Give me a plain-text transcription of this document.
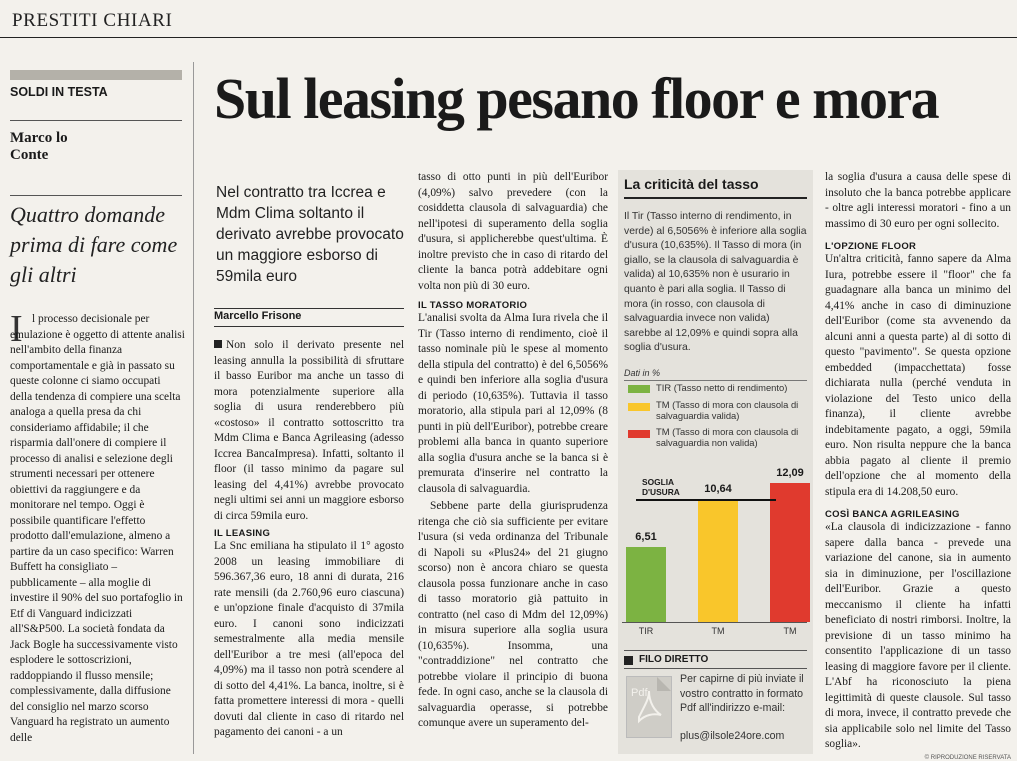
PRESTITI CHIARI
SOLDI IN TESTA
Marco lo Conte
Quattro domande prima di fare come gli altri
I l processo decisionale per emulazione è oggetto di attente analisi nell'ambito della finanza comportamentale e già in passato su queste colonne ci siamo occupati della tendenza di compiere una scelta analoga a quella presa da chi consideriamo affidabile; il che risparmia dall'onere di compiere il processo di analisi e selezione degli strumenti necessari per ottenere obiettivi da raggiungere e da monitorare nel tempo. Oggi è possibile quantificare l'effetto prodotto dall'emulazione, almeno a partire da un caso specifico: Warren Buffett ha consigliato – pubblicamente – alla moglie di investire il 90% del suo portafoglio in Etf di Vanguard indicizzati all'S&P500. La società fondata da Jack Bogle ha successivamente visto esplodere le sottoscrizioni, raddoppiando il flusso mensile; complessivamente, dalla diffusione del consiglio nel marzo scorso Vanguard ha registrato un aumento delle
Sul leasing pesano floor e mora
Nel contratto tra Iccrea e Mdm Clima soltanto il derivato avrebbe provocato un maggiore esborso di 59mila euro
Marcello Frisone

Non solo il derivato presente nel leasing annulla la possibilità di sfruttare il basso Euribor ma anche un tasso di mora potenzialmente superiore alla soglia di usura renderebbero più «costoso» il contratto sottoscritto tra Mdm Clima e Banca Agrileasing (adesso Iccrea BancaImpresa). Infatti, soltanto il floor (il tasso minimo da pagare sul leasing del 4,41%) avrebbe provocato negli ultimi sei anni un maggiore esborso di circa 59mila euro.

IL LEASING

La Snc emiliana ha stipulato il 1° agosto 2008 un leasing immobiliare di 596.367,36 euro, 18 anni di durata, 216 rate mensili (da 2.760,96 euro ciascuna) e un'opzione finale d'acquisto di 37mila euro. I canoni sono indicizzati semestralmente alla media mensile dell'Euribor a tre mesi (all'epoca del 4,09%) ma il tasso non potrà scendere al di sotto del 4,41%. La banca, inoltre, si è fatta promettere interessi di mora - quelli dovuti dal cliente in caso di ritardo nel pagamento dei canoni - a un

tasso di otto punti in più dell'Euribor (4,09%) salvo prevedere (con la cosiddetta clausola di salvaguardia) che nell'ipotesi di superamento della soglia d'usura, si applicherebbe quest'ultima. È inoltre previsto che in caso di ritardo del cliente la banca potrà addebitare ogni volta non più di 30 euro.

IL TASSO MORATORIO

L'analisi svolta da Alma Iura rivela che il Tir (Tasso interno di rendimento, cioè il tasso nominale più le spese al momento della stipula del contratto) è del 6,5056% e quindi ben inferiore alla soglia d'usura di periodo (10,635%). Tuttavia il tasso moratorio, alla stipula pari al 12,09% (8 punti in più dell'Euribor), potrebbe creare problemi alla banca in quanto superiore alla soglia d'usura anche se la banca si è premurata d'inserire nel contratto la clausola di salvaguardia.

Sebbene parte della giurisprudenza ritenga che ciò sia sufficiente per evitare l'usura (si veda ordinanza del Tribunale di Napoli su «Plus24» del 21 giugno scorso) non è ancora chiaro se questa clausola possa funzionare anche in caso di tasso moratorio già pattuito in contratto (nel caso di Mdm del 12,09%) in misura superiore alla soglia usura (10,635%). Insomma, una "contraddizione" nel contratto che potrebbe violare il principio di buona fede. In ogni caso, anche se la clausola di salvaguardia operasse, si potrebbe comunque avere un superamento del-

La criticità del tasso
Il Tir (Tasso interno di rendimento, in verde) al 6,5056% è inferiore alla soglia d'usura (10,635%). Il Tasso di mora (in giallo, se la clausola di salvaguardia è valida) al 10,635% non è usurario in quanto è pari alla soglia. Il Tasso di mora (in rosso, con clausola di salvaguardia invece non valida) sarebbe al 12,09% e quindi sopra alla soglia d'usura.
Dati in %
TIR (Tasso netto di rendimento)
TM (Tasso di mora con clausola di salvaguardia valida)
TM (Tasso di mora con clausola di salvaguardia non valida)
6,51
10,64
12,09
TIR	TM	TM
SOGLIA D'USURA
FILO DIRETTO
Pdf
Per capirne di più inviate il vostro contratto in formato Pdf all'indirizzo e-mail:
plus@ilsole24ore.com

la soglia d'usura a causa delle spese di insoluto che la banca potrebbe applicare - oltre agli interessi moratori - fino a un massimo di 30 euro per ogni sollecito.

L'OPZIONE FLOOR

Un'altra criticità, fanno sapere da Alma Iura, potrebbe essere il "floor" che fa guadagnare alla banca un minimo del 4,41% anche in caso di diminuzione dell'Euribor (come sta avvenendo da alcuni anni a questa parte) al di sotto di questo "pavimento". Se questa opzione embedded (impacchettata) fosse dichiarata nulla (perché venduta in violazione del Testo unico della finanza), il cliente avrebbe indebitamente pagato, a oggi, 59mila euro. Non risulta neppure che la banca abbia pagato al cliente il premio dell'opzione che al momento della stipula era di 14.208,50 euro.

COSÌ BANCA AGRILEASING

«La clausola di indicizzazione - fanno sapere dalla banca - prevede una variazione del canone, sia in aumento sia in diminuzione, per l'oscillazione dell'Euribor. Grazie a questo meccanismo il cliente ha infatti beneficiato di nostri rimborsi. Inoltre, la previsione di un tasso minimo ha consentito l'applicazione di un tasso leasing di maggiore favore per il cliente. L'Abf ha riconosciuto la piena legittimità di queste clausole. Sul tasso di mora, invece, il contratto prevede che sia applicabile solo nel limite del Tasso soglia».

© RIPRODUZIONE RISERVATA
